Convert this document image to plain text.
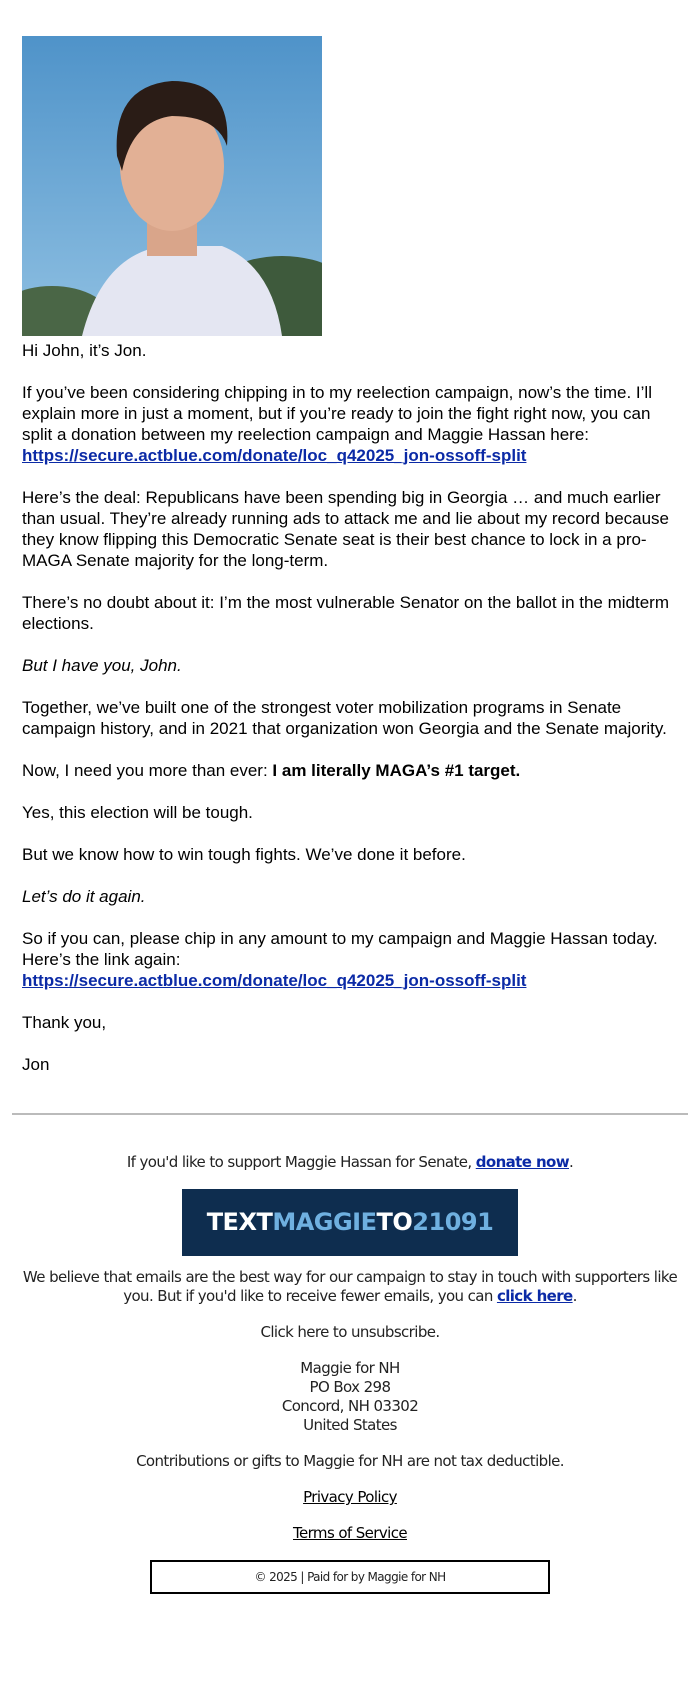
Hi John, it’s Jon.

If you’ve been considering chipping in to my reelection campaign, now’s the time. I’ll explain more in just a moment, but if you’re ready to join the fight right now, you can split a donation between my reelection campaign and Maggie Hassan here:
https://secure.actblue.com/donate/loc_q42025_jon-ossoff-split

Here’s the deal: Republicans have been spending big in Georgia … and much earlier than usual. They’re already running ads to attack me and lie about my record because they know flipping this Democratic Senate seat is their best chance to lock in a pro-MAGA Senate majority for the long-term.

There’s no doubt about it: I’m the most vulnerable Senator on the ballot in the midterm elections.

But I have you, John.

Together, we’ve built one of the strongest voter mobilization programs in Senate campaign history, and in 2021 that organization won Georgia and the Senate majority.

Now, I need you more than ever: I am literally MAGA’s #1 target.

Yes, this election will be tough.

But we know how to win tough fights. We’ve done it before.

Let’s do it again.

So if you can, please chip in any amount to my campaign and Maggie Hassan today. Here’s the link again:
https://secure.actblue.com/donate/loc_q42025_jon-ossoff-split

Thank you,

Jon

If you'd like to support Maggie Hassan for Senate, donate now.

TEXT MAGGIE TO 21091

We believe that emails are the best way for our campaign to stay in touch with supporters like you. But if you'd like to receive fewer emails, you can click here.

Click here to unsubscribe.

Maggie for NH
PO Box 298
Concord, NH 03302
United States

Contributions or gifts to Maggie for NH are not tax deductible.

Privacy Policy

Terms of Service

© 2025 | Paid for by Maggie for NH
